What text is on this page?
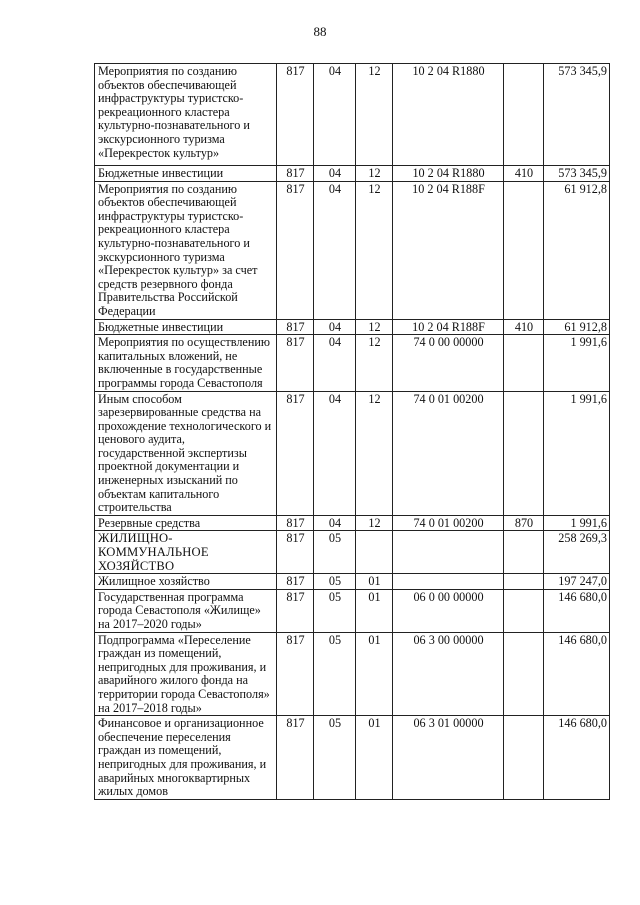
88
Мероприятия по созданию объектов обеспечивающей инфраструктуры туристско-рекреационного кластера культурно-познавательного и экскурсионного туризма «Перекресток культур»	817	04	12	10 2 04 R1880		573 345,9
Бюджетные инвестиции	817	04	12	10 2 04 R1880	410	573 345,9
Мероприятия по созданию объектов обеспечивающей инфраструктуры туристско-рекреационного кластера культурно-познавательного и экскурсионного туризма «Перекресток культур» за счет средств резервного фонда Правительства Российской Федерации	817	04	12	10 2 04 R188F		61 912,8
Бюджетные инвестиции	817	04	12	10 2 04 R188F	410	61 912,8
Мероприятия по осуществлению капитальных вложений, не включенные в государственные программы города Севастополя	817	04	12	74 0 00 00000		1 991,6
Иным способом зарезервированные средства на прохождение технологического и ценового аудита, государственной экспертизы проектной документации и инженерных изысканий по объектам капитального строительства	817	04	12	74 0 01 00200		1 991,6
Резервные средства	817	04	12	74 0 01 00200	870	1 991,6
ЖИЛИЩНО-КОММУНАЛЬНОЕ ХОЗЯЙСТВО	817	05				258 269,3
Жилищное хозяйство	817	05	01			197 247,0
Государственная программа города Севастополя «Жилище» на 2017–2020 годы»	817	05	01	06 0 00 00000		146 680,0
Подпрограмма «Переселение граждан из помещений, непригодных для проживания, и аварийного жилого фонда на территории города Севастополя» на 2017–2018 годы»	817	05	01	06 3 00 00000		146 680,0
Финансовое и организационное обеспечение переселения граждан из помещений, непригодных для проживания, и аварийных многоквартирных жилых домов	817	05	01	06 3 01 00000		146 680,0
